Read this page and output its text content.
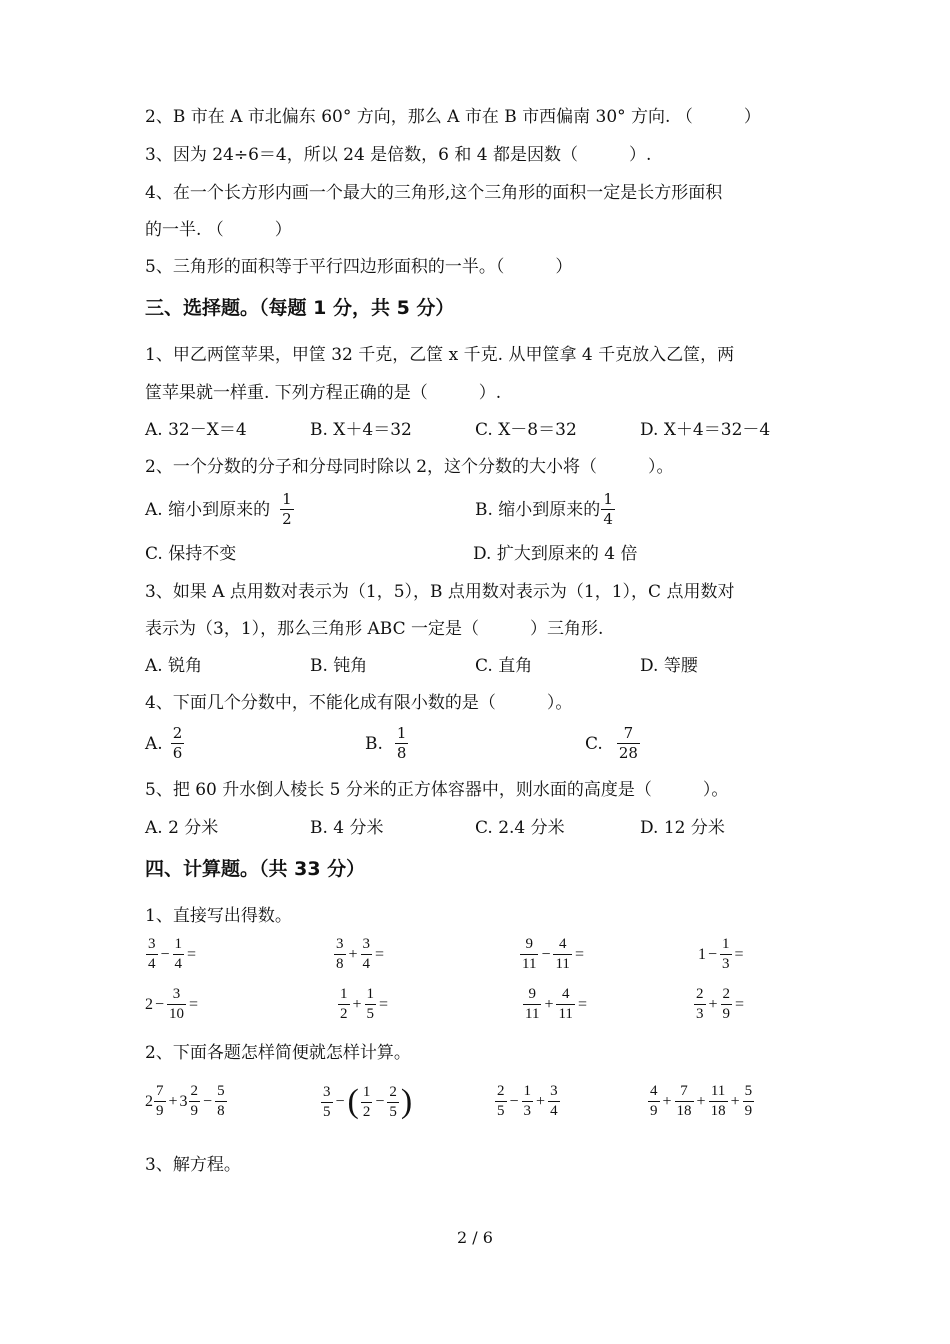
2、B 市在 A 市北偏东 60° 方向，那么 A 市在 B 市西偏南 30° 方向. （　　　）
3、因为 24÷6＝4，所以 24 是倍数，6 和 4 都是因数（　　　）.
4、在一个长方形内画一个最大的三角形,这个三角形的面积一定是长方形面积
的一半. （　　　）
5、三角形的面积等于平行四边形面积的一半。（　　　）
三、选择题。（每题 1 分，共 5 分）
1、甲乙两筐苹果，甲筐 32 千克，乙筐 x 千克. 从甲筐拿 4 千克放入乙筐，两
筐苹果就一样重. 下列方程正确的是（　　　）.
A. 32－X＝4	B. X＋4＝32	C. X－8＝32	D. X＋4＝32－4
2、一个分数的分子和分母同时除以 2，这个分数的大小将（　　　）。
A. 缩小到原来的 $\frac{1}{2}$	B. 缩小到原来的 $\frac{1}{4}$
C. 保持不变	D. 扩大到原来的 4 倍
3、如果 A 点用数对表示为（1，5），B 点用数对表示为（1，1），C 点用数对
表示为（3，1），那么三角形 ABC 一定是（　　　）三角形.
A. 锐角	B. 钝角	C. 直角	D. 等腰
4、下面几个分数中，不能化成有限小数的是（　　　）。
A. $\frac{2}{6}$	B. $\frac{1}{8}$	C. $\frac{7}{28}$
5、把 60 升水倒人棱长 5 分米的正方体容器中，则水面的高度是（　　　）。
A. 2 分米	B. 4 分米	C. 2.4 分米	D. 12 分米
四、计算题。（共 33 分）
1、直接写出得数。
$\frac{3}{4} - \frac{1}{4}$ =	$\frac{3}{8} + \frac{3}{4}$ =	$\frac{9}{11} - \frac{4}{11}$ =	$1 - \frac{1}{3}$ =
$2 - \frac{3}{10}$ =	$\frac{1}{2} + \frac{1}{5}$ =	$\frac{9}{11} + \frac{4}{11}$ =	$\frac{2}{3} + \frac{2}{9}$ =
2、下面各题怎样简便就怎样计算。
$2 \frac{7}{9} + 3 \frac{2}{9} - \frac{5}{8}$	$\frac{3}{5}$ − ( $\frac{1}{2} - \frac{2}{5}$ )	$\frac{2}{5} - \frac{1}{3} + \frac{3}{4}$	$\frac{4}{9} + \frac{7}{18} + \frac{11}{18} + \frac{5}{9}$
3、解方程。
2 / 6
